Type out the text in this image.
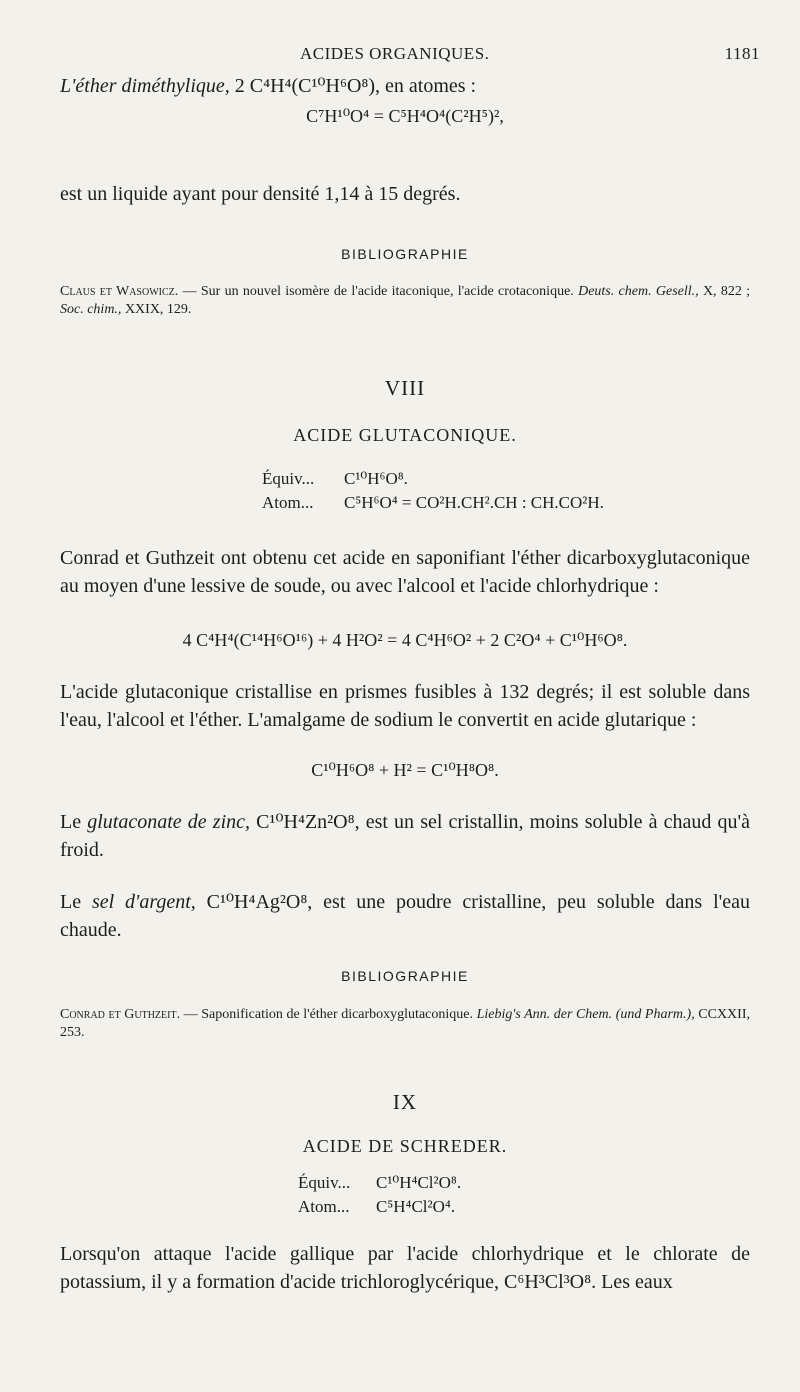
ACIDES ORGANIQUES.	1181
L'éther diméthylique, 2 C⁴H⁴(C¹⁰H⁶O⁸), en atomes :
C⁷H¹⁰O⁴ = C⁵H⁴O⁴(C²H⁵)²,
est un liquide ayant pour densité 1,14 à 15 degrés.
BIBLIOGRAPHIE
Claus et Wasowicz. — Sur un nouvel isomère de l'acide itaconique, l'acide crotaconique. Deuts. chem. Gesell., X, 822 ; Soc. chim., XXIX, 129.
VIII
ACIDE GLUTACONIQUE.
Équiv... C¹⁰H⁶O⁸.
Atom... C⁵H⁶O⁴ = CO²H.CH².CH : CH.CO²H.
Conrad et Guthzeit ont obtenu cet acide en saponifiant l'éther dicarboxyglutaconique au moyen d'une lessive de soude, ou avec l'alcool et l'acide chlorhydrique :
4 C⁴H⁴(C¹⁴H⁶O¹⁶) + 4 H²O² = 4 C⁴H⁶O² + 2 C²O⁴ + C¹⁰H⁶O⁸.
L'acide glutaconique cristallise en prismes fusibles à 132 degrés; il est soluble dans l'eau, l'alcool et l'éther. L'amalgame de sodium le convertit en acide glutarique :
C¹⁰H⁶O⁸ + H² = C¹⁰H⁸O⁸.
Le glutaconate de zinc, C¹⁰H⁴Zn²O⁸, est un sel cristallin, moins soluble à chaud qu'à froid.
Le sel d'argent, C¹⁰H⁴Ag²O⁸, est une poudre cristalline, peu soluble dans l'eau chaude.
BIBLIOGRAPHIE
Conrad et Guthzeit. — Saponification de l'éther dicarboxyglutaconique. Liebig's Ann. der Chem. (und Pharm.), CCXXII, 253.
IX
ACIDE DE SCHREDER.
Équiv... C¹⁰H⁴Cl²O⁸.
Atom... C⁵H⁴Cl²O⁴.
Lorsqu'on attaque l'acide gallique par l'acide chlorhydrique et le chlorate de potassium, il y a formation d'acide trichloroglycérique, C⁶H³Cl³O⁸. Les eaux
